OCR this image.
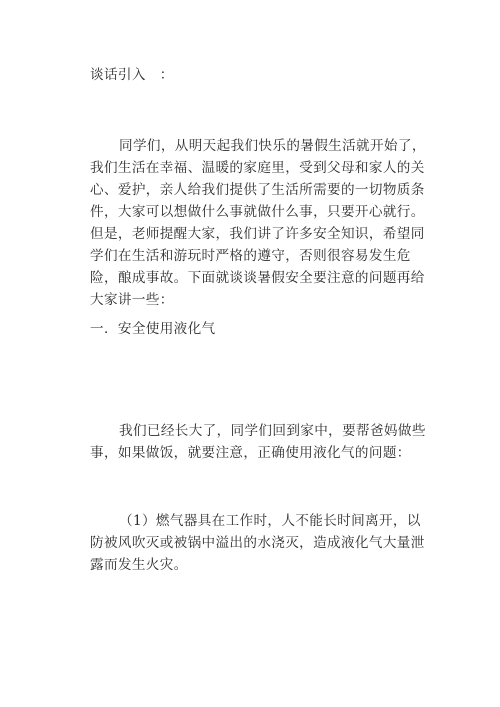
谈话引入　：

同学们，从明天起我们快乐的暑假生活就开始了，我们生活在幸福、温暖的家庭里，受到父母和家人的关心、爱护，亲人给我们提供了生活所需要的一切物质条件，大家可以想做什么事就做什么事，只要开心就行。但是，老师提醒大家，我们讲了许多安全知识，希望同学们在生活和游玩时严格的遵守，否则很容易发生危险，酿成事故。下面就谈谈暑假安全要注意的问题再给大家讲一些：

一．安全使用液化气

我们已经长大了，同学们回到家中，要帮爸妈做些事，如果做饭，就要注意，正确使用液化气的问题：

（1）燃气器具在工作时，人不能长时间离开，以防被风吹灭或被锅中溢出的水浇灭，造成液化气大量泄露而发生火灾。
